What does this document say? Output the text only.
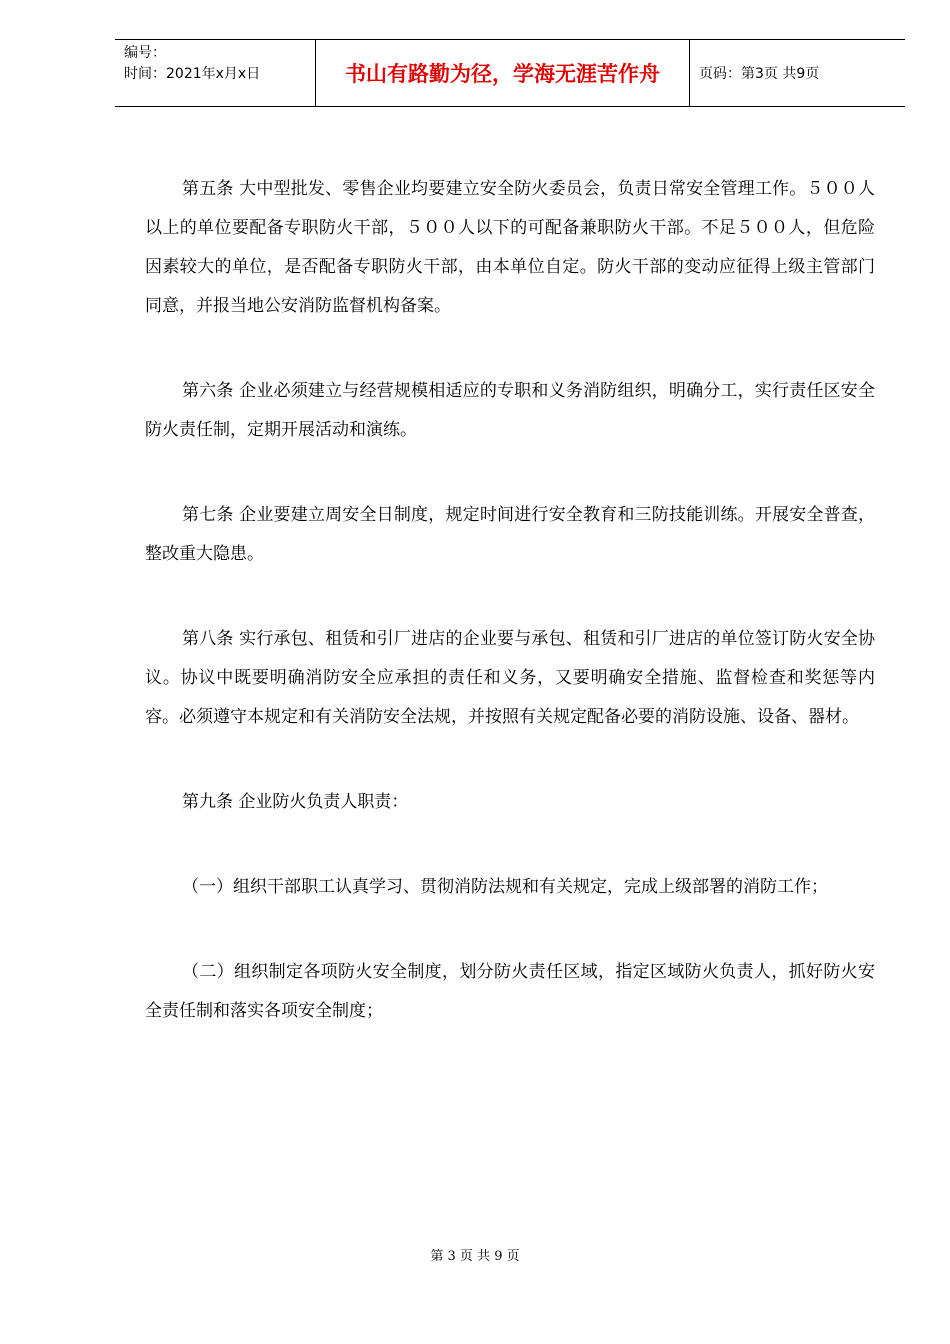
编号：
时间：2021年x月x日	书山有路勤为径，学海无涯苦作舟	页码：第3页 共9页

第五条 大中型批发、零售企业均要建立安全防火委员会，负责日常安全管理工作。５００人以上的单位要配备专职防火干部，５００人以下的可配备兼职防火干部。不足５００人，但危险因素较大的单位，是否配备专职防火干部，由本单位自定。防火干部的变动应征得上级主管部门同意，并报当地公安消防监督机构备案。

第六条 企业必须建立与经营规模相适应的专职和义务消防组织，明确分工，实行责任区安全防火责任制，定期开展活动和演练。

第七条 企业要建立周安全日制度，规定时间进行安全教育和三防技能训练。开展安全普查，整改重大隐患。

第八条 实行承包、租赁和引厂进店的企业要与承包、租赁和引厂进店的单位签订防火安全协议。协议中既要明确消防安全应承担的责任和义务，又要明确安全措施、监督检查和奖惩等内容。必须遵守本规定和有关消防安全法规，并按照有关规定配备必要的消防设施、设备、器材。

第九条 企业防火负责人职责：

（一）组织干部职工认真学习、贯彻消防法规和有关规定，完成上级部署的消防工作；

（二）组织制定各项防火安全制度，划分防火责任区域，指定区域防火负责人，抓好防火安全责任制和落实各项安全制度；

第 3 页 共 9 页
